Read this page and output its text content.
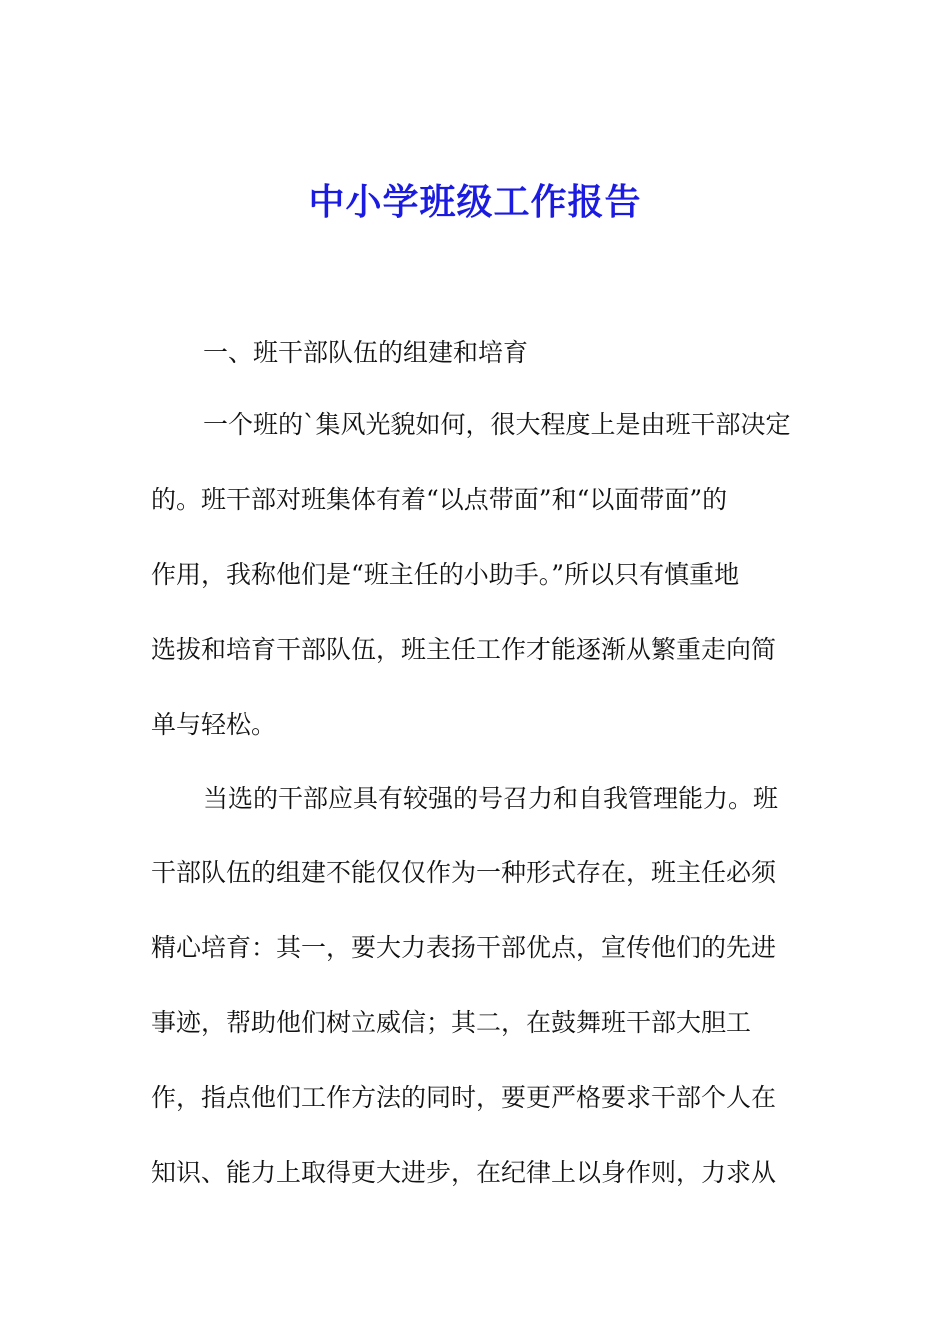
中小学班级工作报告
一、班干部队伍的组建和培育
一个班的`集风光貌如何，很大程度上是由班干部决定
的。班干部对班集体有着“以点带面”和“以面带面”的
作用，我称他们是“班主任的小助手。”所以只有慎重地
选拔和培育干部队伍，班主任工作才能逐渐从繁重走向简
单与轻松。
当选的干部应具有较强的号召力和自我管理能力。班
干部队伍的组建不能仅仅作为一种形式存在，班主任必须
精心培育：其一，要大力表扬干部优点，宣传他们的先进
事迹，帮助他们树立威信；其二，在鼓舞班干部大胆工
作，指点他们工作方法的同时，要更严格要求干部个人在
知识、能力上取得更大进步，在纪律上以身作则，力求从
